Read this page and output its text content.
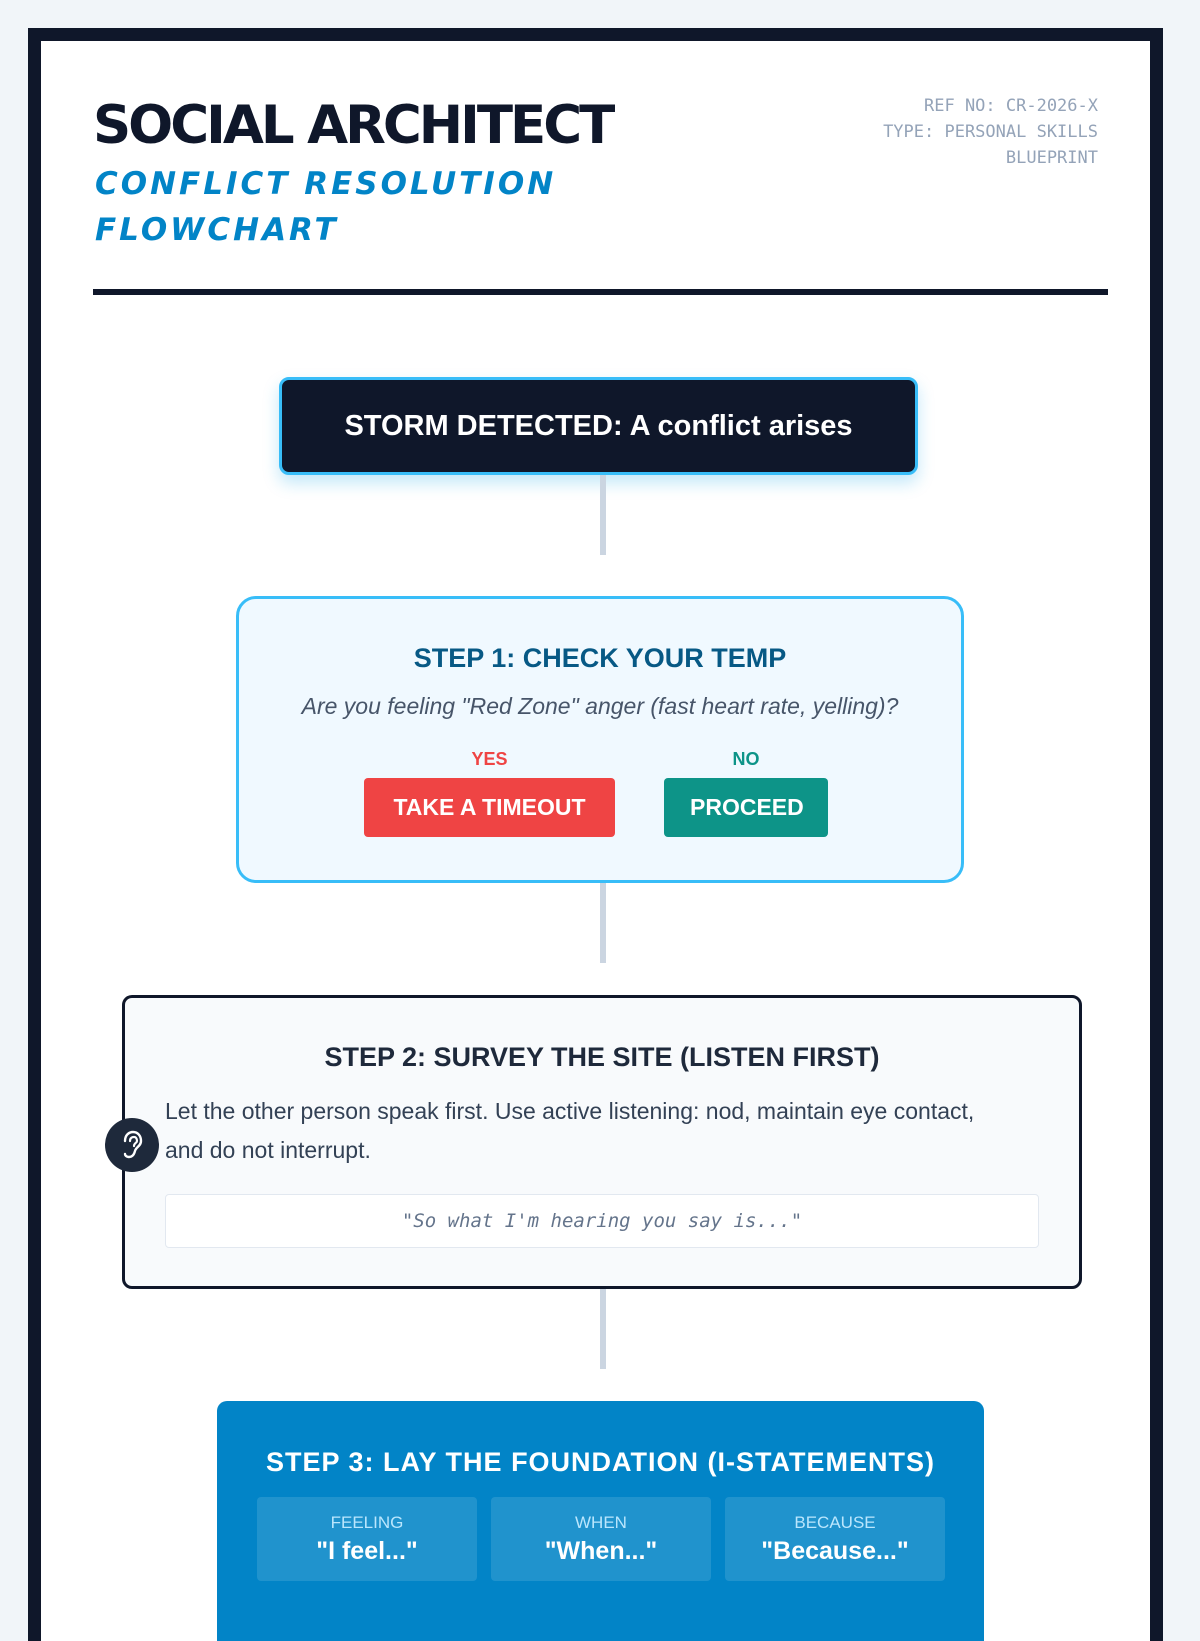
SOCIAL ARCHITECT
CONFLICT RESOLUTION FLOWCHART
REF NO: CR-2026-X
TYPE: PERSONAL SKILLS BLUEPRINT
STORM DETECTED: A conflict arises
STEP 1: CHECK YOUR TEMP
Are you feeling "Red Zone" anger (fast heart rate, yelling)?
YES
TAKE A TIMEOUT
NO
PROCEED
STEP 2: SURVEY THE SITE (LISTEN FIRST)
Let the other person speak first. Use active listening: nod, maintain eye contact, and do not interrupt.
"So what I'm hearing you say is..."
STEP 3: LAY THE FOUNDATION (I-STATEMENTS)
FEELING
"I feel..."
WHEN
"When..."
BECAUSE
"Because..."
